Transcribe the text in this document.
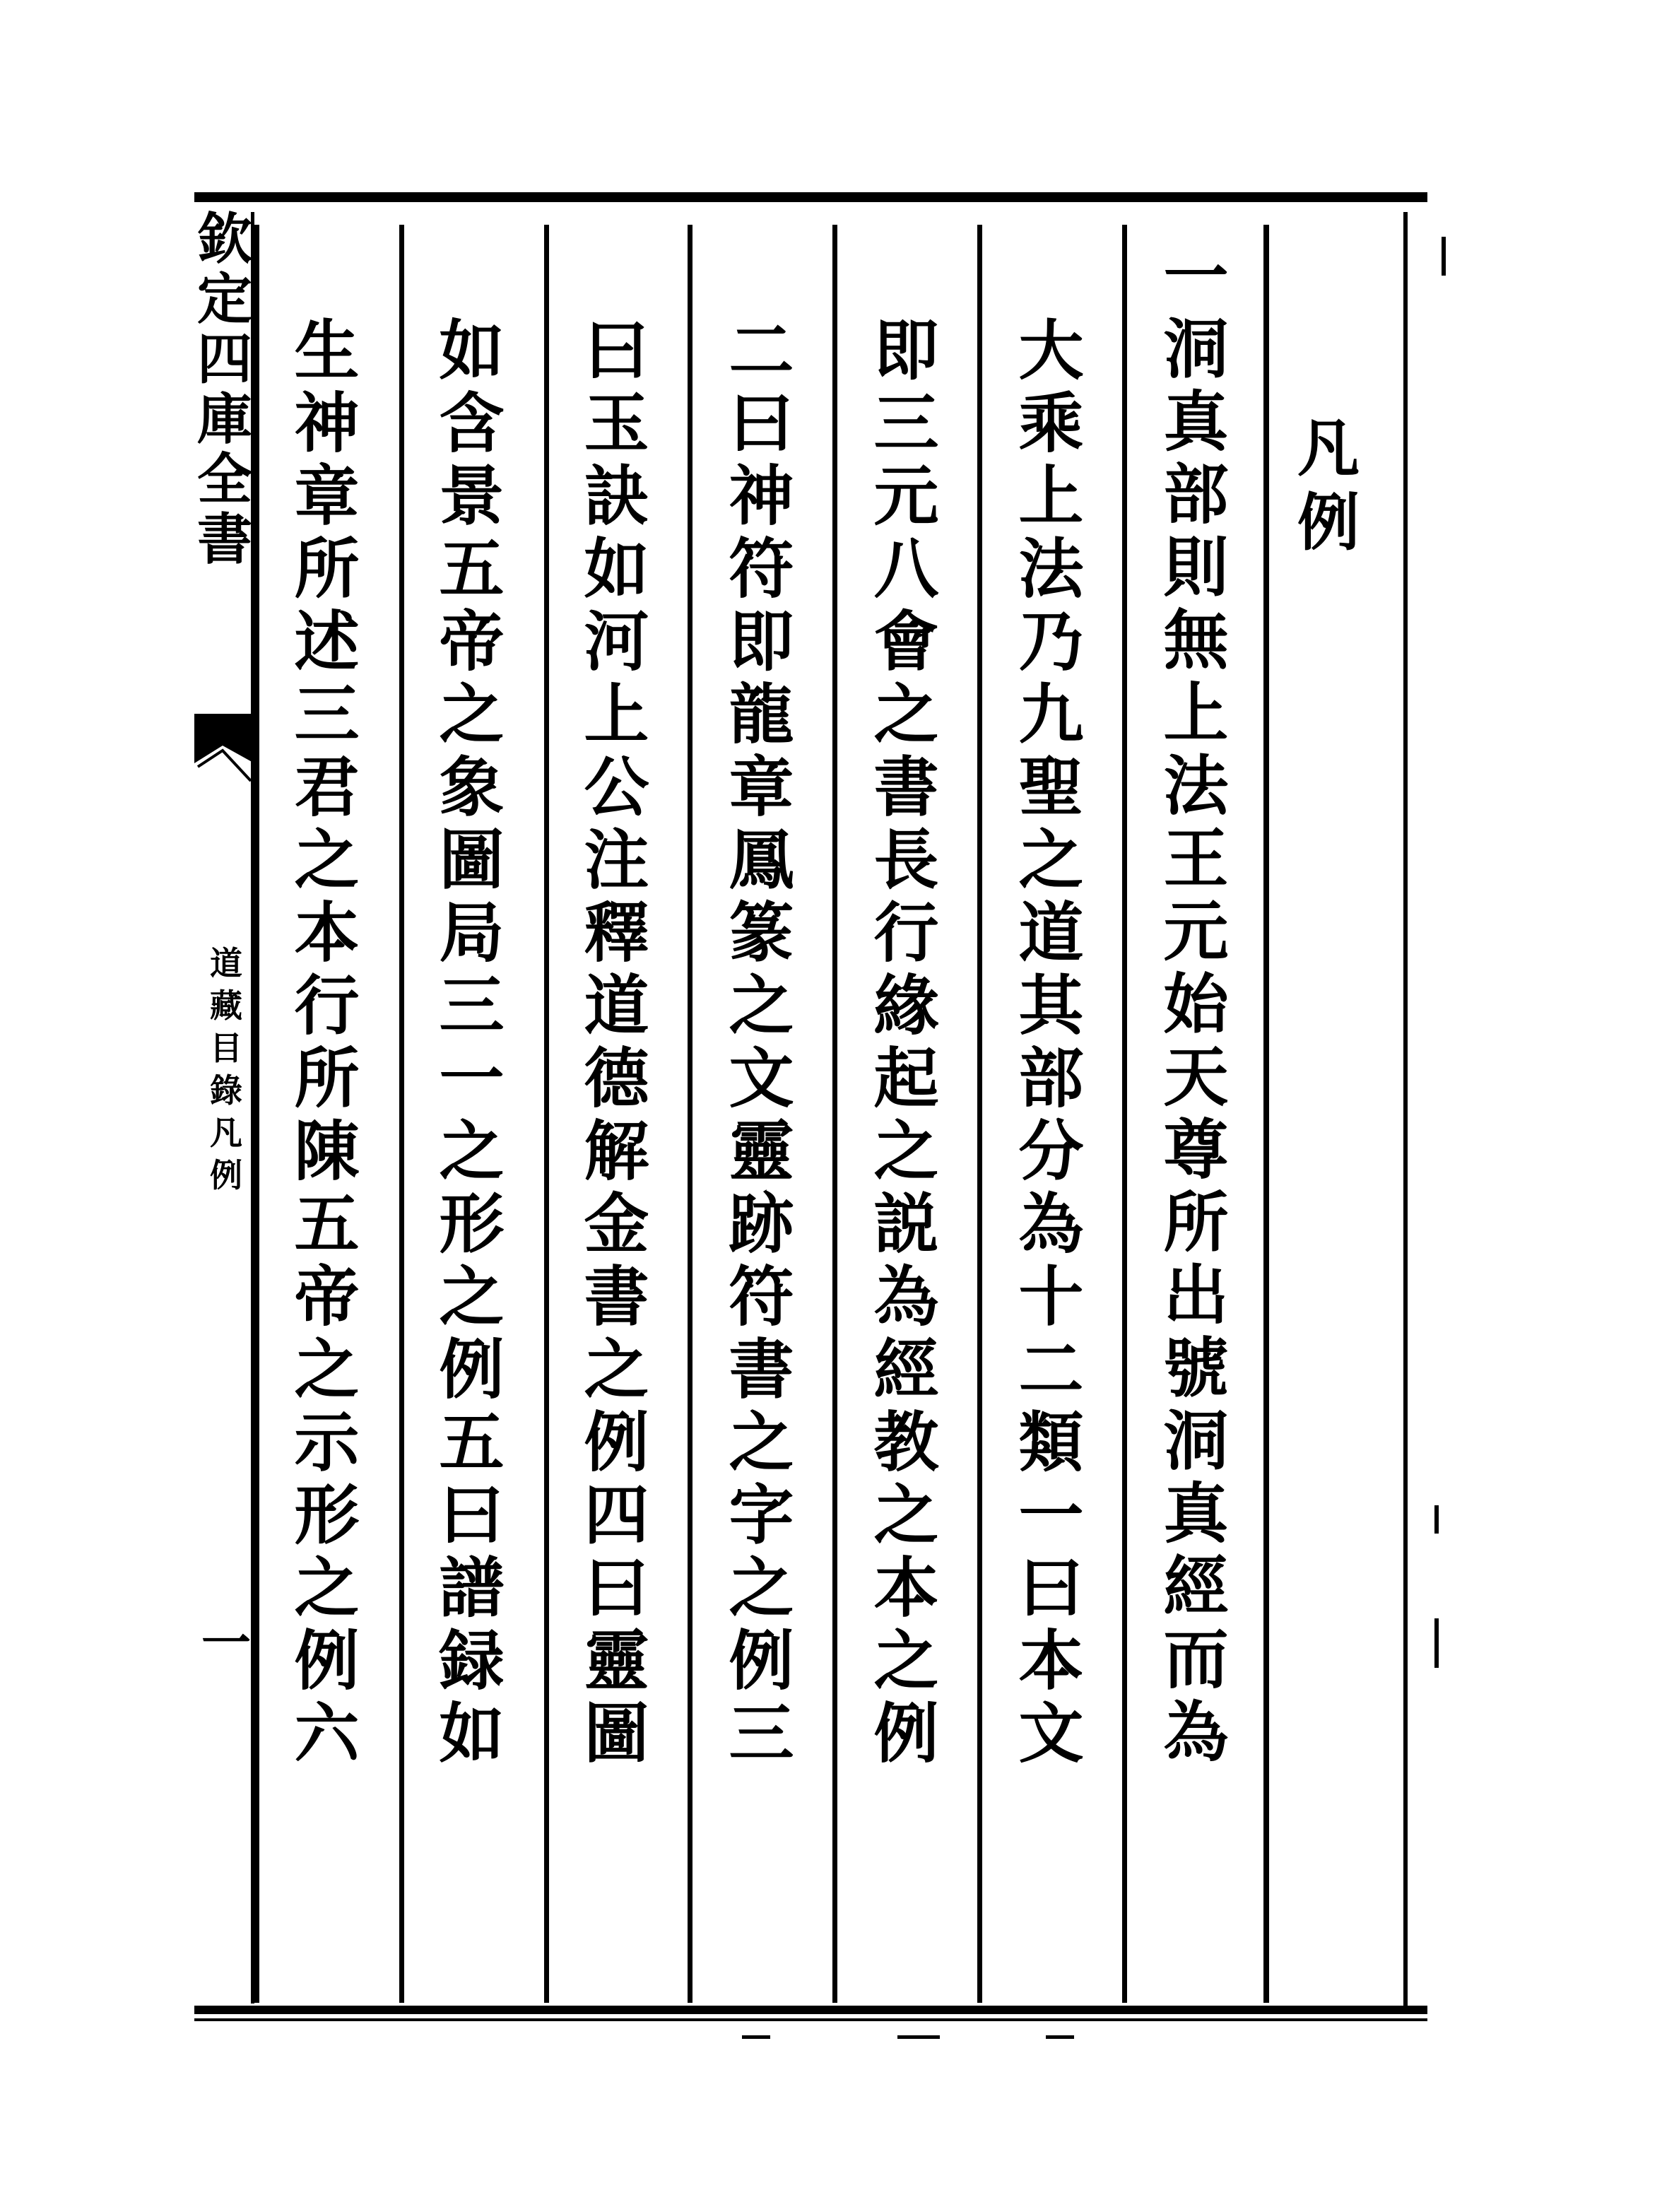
欽
定
四
庫
全
書
道
藏
目
錄
凡
例
一
凡
例
一
洞
真
部
則
無
上
法
王
元
始
天
尊
所
出
號
洞
真
經
而
為
大
乘
上
法
乃
九
聖
之
道
其
部
分
為
十
二
類
一
曰
本
文
即
三
元
八
會
之
書
長
行
緣
起
之
説
為
經
教
之
本
之
例
二
曰
神
符
即
龍
章
鳳
篆
之
文
靈
跡
符
書
之
字
之
例
三
曰
玉
訣
如
河
上
公
注
釋
道
德
解
金
書
之
例
四
曰
靈
圖
如
含
景
五
帝
之
象
圖
局
三
一
之
形
之
例
五
曰
譜
録
如
生
神
章
所
述
三
君
之
本
行
所
陳
五
帝
之
示
形
之
例
六
